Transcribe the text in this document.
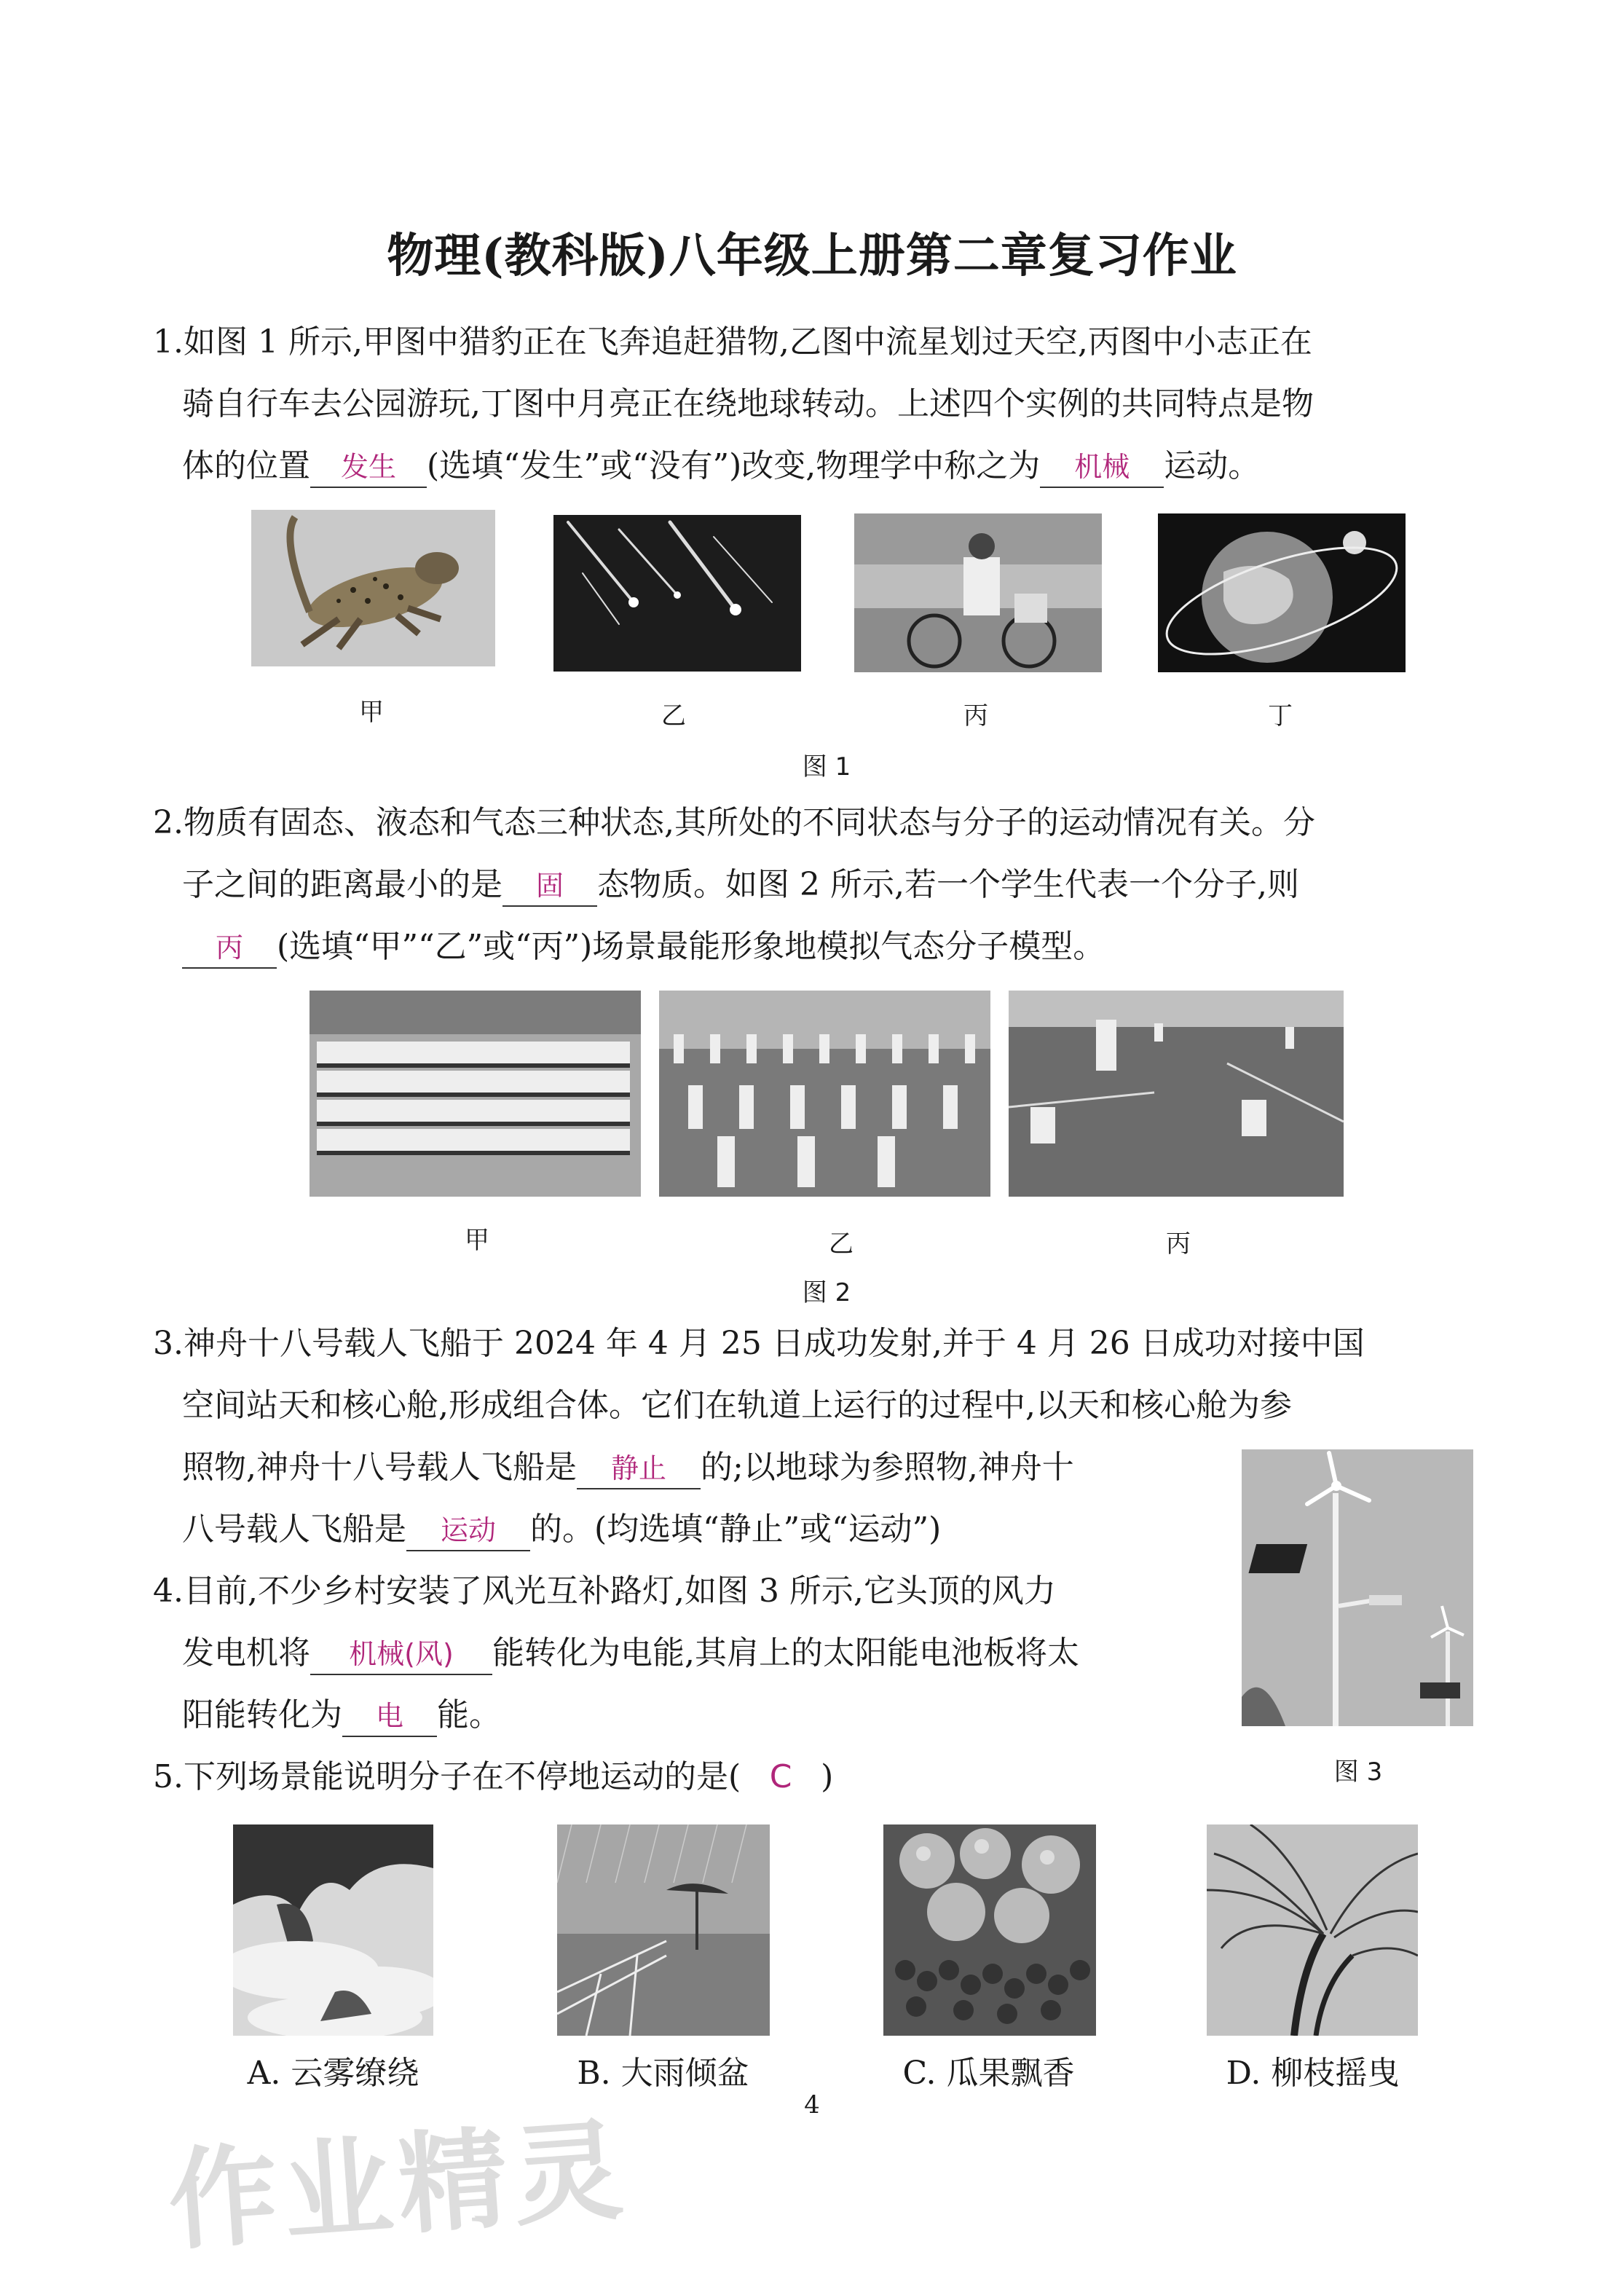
物理(教科版)八年级上册第二章复习作业
1.如图 1 所示,甲图中猎豹正在飞奔追赶猎物,乙图中流星划过天空,丙图中小志正在
骑自行车去公园游玩,丁图中月亮正在绕地球转动。上述四个实例的共同特点是物
体的位置 发生 (选填“发生”或“没有”)改变,物理学中称之为 机械 运动。
甲	乙	丙	丁
图 1
2.物质有固态、液态和气态三种状态,其所处的不同状态与分子的运动情况有关。分
子之间的距离最小的是 固 态物质。如图 2 所示,若一个学生代表一个分子,则
丙 (选填“甲”“乙”或“丙”)场景最能形象地模拟气态分子模型。
甲	乙	丙
图 2
3.神舟十八号载人飞船于 2024 年 4 月 25 日成功发射,并于 4 月 26 日成功对接中国
空间站天和核心舱,形成组合体。它们在轨道上运行的过程中,以天和核心舱为参
照物,神舟十八号载人飞船是 静止 的;以地球为参照物,神舟十
八号载人飞船是 运动 的。(均选填“静止”或“运动”)
图 3
4.目前,不少乡村安装了风光互补路灯,如图 3 所示,它头顶的风力
发电机将 机械(风) 能转化为电能,其肩上的太阳能电池板将太
阳能转化为 电 能。
5.下列场景能说明分子在不停地运动的是( C )
A. 云雾缭绕	B. 大雨倾盆	C. 瓜果飘香	D. 柳枝摇曳
4
作业精灵
